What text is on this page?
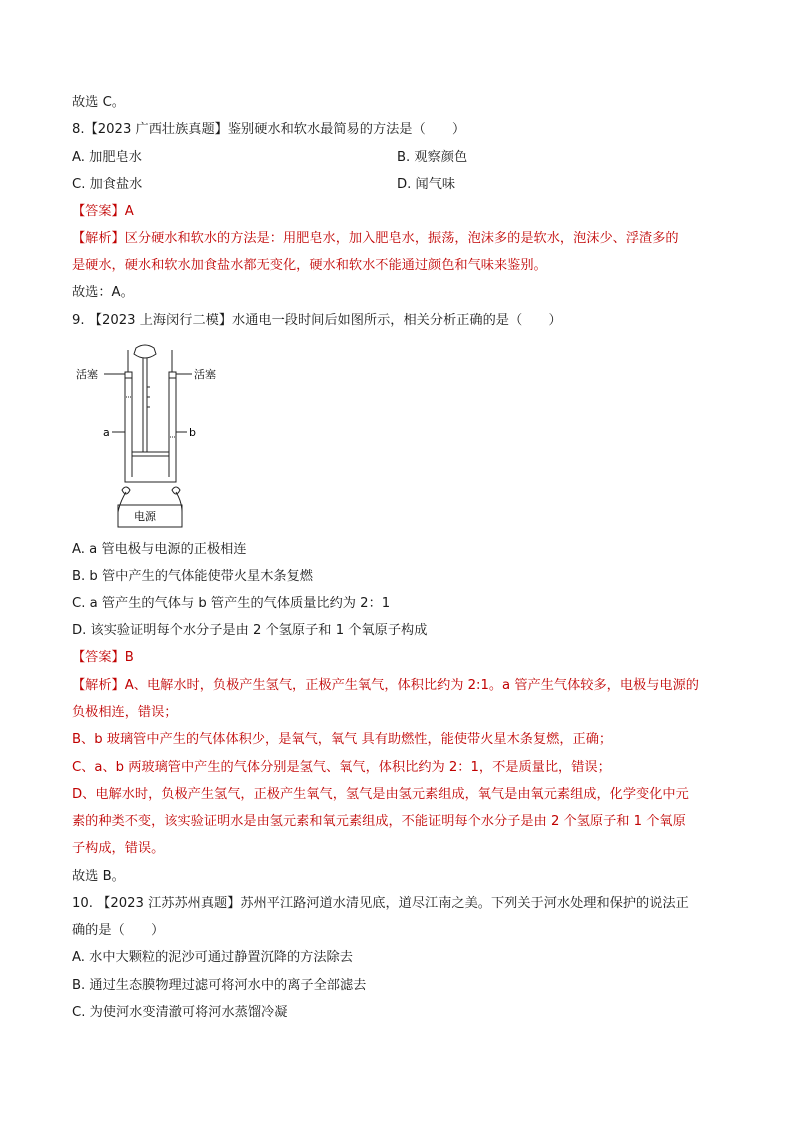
故选 C。
8.【2023 广西壮族真题】鉴别硬水和软水最简易的方法是（　　）
A. 加肥皂水	B. 观察颜色
C. 加食盐水	D. 闻气味
【答案】A
【解析】区分硬水和软水的方法是：用肥皂水，加入肥皂水，振荡，泡沫多的是软水，泡沫少、浮渣多的
是硬水，硬水和软水加食盐水都无变化，硬水和软水不能通过颜色和气味来鉴别。
故选：A。
9. 【2023 上海闵行二模】水通电一段时间后如图所示，相关分析正确的是（　　）
活塞	活塞
a	b
电源
A. a 管电极与电源的正极相连
B. b 管中产生的气体能使带火星木条复燃
C. a 管产生的气体与 b 管产生的气体质量比约为 2：1
D. 该实验证明每个水分子是由 2 个氢原子和 1 个氧原子构成
【答案】B
【解析】A、电解水时，负极产生氢气，正极产生氧气，体积比约为 2:1。a 管产生气体较多，电极与电源的
负极相连，错误；
B、b 玻璃管中产生的气体体积少，是氧气，氧气 具有助燃性，能使带火星木条复燃，正确；
C、a、b 两玻璃管中产生的气体分别是氢气、氧气，体积比约为 2：1，不是质量比，错误；
D、电解水时，负极产生氢气，正极产生氧气，氢气是由氢元素组成，氧气是由氧元素组成，化学变化中元
素的种类不变，该实验证明水是由氢元素和氧元素组成，不能证明每个水分子是由 2 个氢原子和 1 个氧原
子构成，错误。
故选 B。
10. 【2023 江苏苏州真题】苏州平江路河道水清见底，道尽江南之美。下列关于河水处理和保护的说法正
确的是（　　）
A. 水中大颗粒的泥沙可通过静置沉降的方法除去
B. 通过生态膜物理过滤可将河水中的离子全部滤去
C. 为使河水变清澈可将河水蒸馏冷凝
